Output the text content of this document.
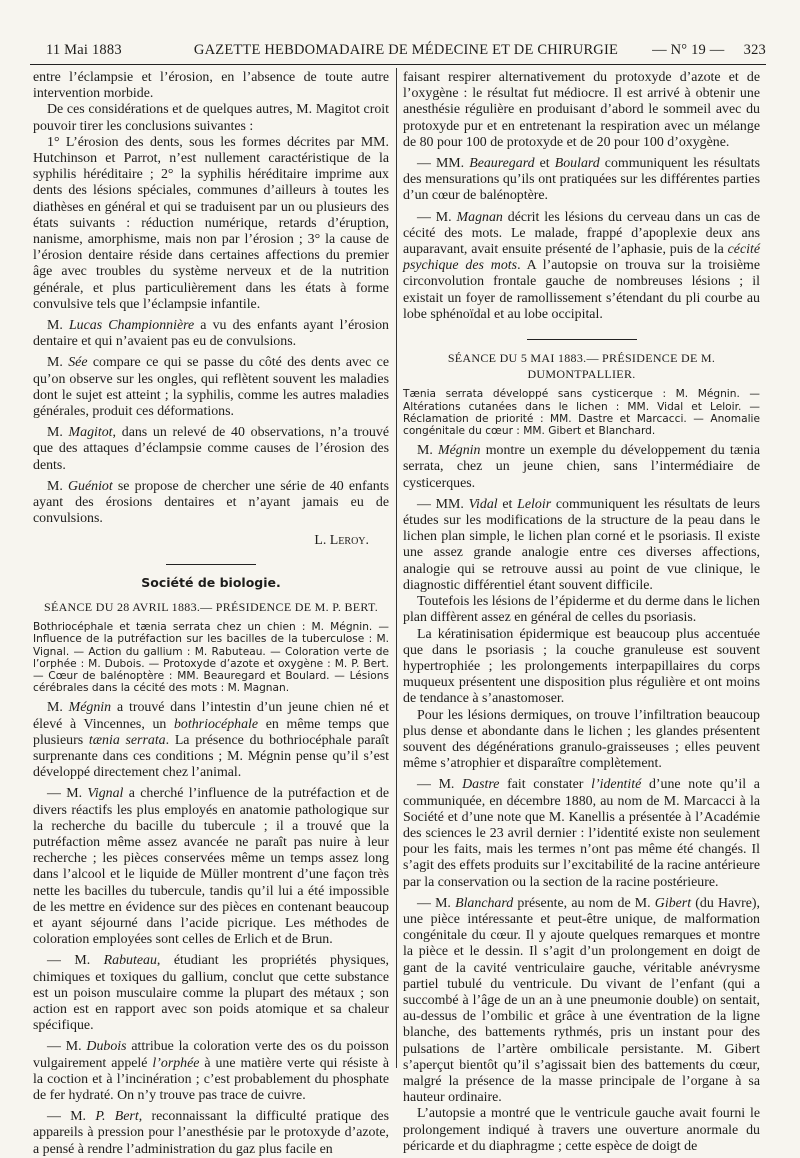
11 Mai 1883	GAZETTE HEBDOMADAIRE DE MÉDECINE ET DE CHIRURGIE	— N° 19 — 323

entre l’éclampsie et l’érosion, en l’absence de toute autre intervention morbide.

De ces considérations et de quelques autres, M. Magitot croit pouvoir tirer les conclusions suivantes :

1° L’érosion des dents, sous les formes décrites par MM. Hutchinson et Parrot, n’est nullement caractéristique de la syphilis héréditaire ; 2° la syphilis héréditaire imprime aux dents des lésions spéciales, communes d’ailleurs à toutes les diathèses en général et qui se traduisent par un ou plusieurs des états suivants : réduction numérique, retards d’éruption, nanisme, amorphisme, mais non par l’érosion ; 3° la cause de l’érosion dentaire réside dans certaines affections du premier âge avec troubles du système nerveux et de la nutrition générale, et plus particulièrement dans les états à forme convulsive tels que l’éclampsie infantile.

M. Lucas Championnière a vu des enfants ayant l’érosion dentaire et qui n’avaient pas eu de convulsions.

M. Sée compare ce qui se passe du côté des dents avec ce qu’on observe sur les ongles, qui reflètent souvent les maladies dont le sujet est atteint ; la syphilis, comme les autres maladies générales, produit ces déformations.

M. Magitot, dans un relevé de 40 observations, n’a trouvé que des attaques d’éclampsie comme causes de l’érosion des dents.

M. Guéniot se propose de chercher une série de 40 enfants ayant des érosions dentaires et n’ayant jamais eu de convulsions.

L. Leroy.
Société de biologie.
SÉANCE DU 28 AVRIL 1883.— PRÉSIDENCE DE M. P. BERT.
Bothriocéphale et tænia serrata chez un chien : M. Mégnin. — Influence de la putréfaction sur les bacilles de la tuberculose : M. Vignal. — Action du gallium : M. Rabuteau. — Coloration verte de l’orphée : M. Dubois. — Protoxyde d’azote et oxygène : M. P. Bert. — Cœur de balénoptère : MM. Beauregard et Boulard. — Lésions cérébrales dans la cécité des mots : M. Magnan.

M. Mégnin a trouvé dans l’intestin d’un jeune chien né et élevé à Vincennes, un bothriocéphale en même temps que plusieurs tænia serrata. La présence du bothriocéphale paraît surprenante dans ces conditions ; M. Mégnin pense qu’il s’est développé directement chez l’animal.

— M. Vignal a cherché l’influence de la putréfaction et de divers réactifs les plus employés en anatomie pathologique sur la recherche du bacille du tubercule ; il a trouvé que la putréfaction même assez avancée ne paraît pas nuire à leur recherche ; les pièces conservées même un temps assez long dans l’alcool et le liquide de Müller montrent d’une façon très nette les bacilles du tubercule, tandis qu’il lui a été impossible de les mettre en évidence sur des pièces en contenant beaucoup et ayant séjourné dans l’acide picrique. Les méthodes de coloration employées sont celles de Erlich et de Brun.

— M. Rabuteau, étudiant les propriétés physiques, chimiques et toxiques du gallium, conclut que cette substance est un poison musculaire comme la plupart des métaux ; son action est en rapport avec son poids atomique et sa chaleur spécifique.

— M. Dubois attribue la coloration verte des os du poisson vulgairement appelé l’orphée à une matière verte qui résiste à la coction et à l’incinération ; c’est probablement du phosphate de fer hydraté. On n’y trouve pas trace de cuivre.

— M. P. Bert, reconnaissant la difficulté pratique des appareils à pression pour l’anesthésie par le protoxyde d’azote, a pensé à rendre l’administration du gaz plus facile en

faisant respirer alternativement du protoxyde d’azote et de l’oxygène : le résultat fut médiocre. Il est arrivé à obtenir une anesthésie régulière en produisant d’abord le sommeil avec du protoxyde pur et en entretenant la respiration avec un mélange de 80 pour 100 de protoxyde et de 20 pour 100 d’oxygène.

— MM. Beauregard et Boulard communiquent les résultats des mensurations qu’ils ont pratiquées sur les différentes parties d’un cœur de balénoptère.

— M. Magnan décrit les lésions du cerveau dans un cas de cécité des mots. Le malade, frappé d’apoplexie deux ans auparavant, avait ensuite présenté de l’aphasie, puis de la cécité psychique des mots. A l’autopsie on trouva sur la troisième circonvolution frontale gauche de nombreuses lésions ; il existait un foyer de ramollissement s’étendant du pli courbe au lobe sphénoïdal et au lobe occipital.

SÉANCE DU 5 MAI 1883.— PRÉSIDENCE DE M. DUMONTPALLIER.
Tænia serrata développé sans cysticerque : M. Mégnin. — Altérations cutanées dans le lichen : MM. Vidal et Leloir. — Réclamation de priorité : MM. Dastre et Marcacci. — Anomalie congénitale du cœur : MM. Gibert et Blanchard.

M. Mégnin montre un exemple du développement du tænia serrata, chez un jeune chien, sans l’intermédiaire de cysticerques.

— MM. Vidal et Leloir communiquent les résultats de leurs études sur les modifications de la structure de la peau dans le lichen plan simple, le lichen plan corné et le psoriasis. Il existe une assez grande analogie entre ces diverses affections, analogie qui se retrouve aussi au point de vue clinique, le diagnostic différentiel étant souvent difficile.

Toutefois les lésions de l’épiderme et du derme dans le lichen plan diffèrent assez en général de celles du psoriasis.

La kératinisation épidermique est beaucoup plus accentuée que dans le psoriasis ; la couche granuleuse est souvent hypertrophiée ; les prolongements interpapillaires du corps muqueux présentent une disposition plus régulière et ont moins de tendance à s’anastomoser.

Pour les lésions dermiques, on trouve l’infiltration beaucoup plus dense et abondante dans le lichen ; les glandes présentent souvent des dégénérations granulo-graisseuses ; elles peuvent même s’atrophier et disparaître complètement.

— M. Dastre fait constater l’identité d’une note qu’il a communiquée, en décembre 1880, au nom de M. Marcacci à la Société et d’une note que M. Kanellis a présentée à l’Académie des sciences le 23 avril dernier : l’identité existe non seulement pour les faits, mais les termes n’ont pas même été changés. Il s’agit des effets produits sur l’excitabilité de la racine antérieure par la conservation ou la section de la racine postérieure.

— M. Blanchard présente, au nom de M. Gibert (du Havre), une pièce intéressante et peut-être unique, de malformation congénitale du cœur. Il y ajoute quelques remarques et montre la pièce et le dessin. Il s’agit d’un prolongement en doigt de gant de la cavité ventriculaire gauche, véritable anévrysme partiel tubulé du ventricule. Du vivant de l’enfant (qui a succombé à l’âge de un an à une pneumonie double) on sentait, au-dessus de l’ombilic et grâce à une éventration de la ligne blanche, des battements rythmés, pris un instant pour des pulsations de l’artère ombilicale persistante. M. Gibert s’aperçut bientôt qu’il s’agissait bien des battements du cœur, malgré la présence de la masse principale de l’organe à sa hauteur ordinaire.

L’autopsie a montré que le ventricule gauche avait fourni le prolongement indiqué à travers une ouverture anormale du péricarde et du diaphragme ; cette espèce de doigt de
